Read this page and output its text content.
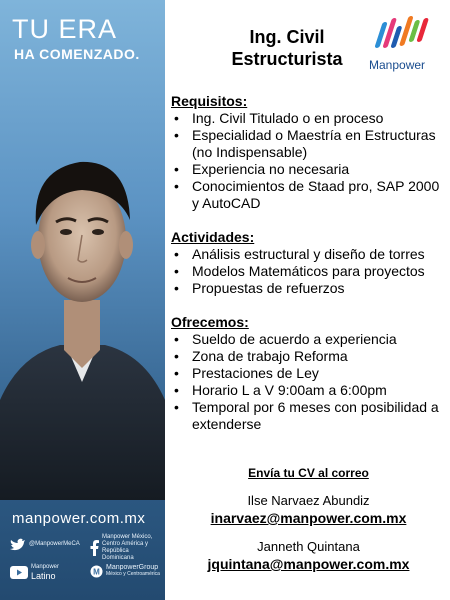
TU ERA
HA COMENZADO.
manpower.com.mx
@ManpowerMeCA
Manpower México, Centro América y República Dominicana
Manpower
Latino	M ManpowerGroup
México y Centroamérica
Ing. Civil
Estructurista	Manpower

Requisitos:

• Ing. Civil Titulado o en proceso
• Especialidad o Maestría en Estructuras (no Indispensable)
• Experiencia no necesaria
• Conocimientos de Staad pro, SAP 2000 y AutoCAD

Actividades:

• Análisis estructural y diseño de torres
• Modelos Matemáticos para proyectos
• Propuestas de refuerzos

Ofrecemos:

• Sueldo de acuerdo a experiencia
• Zona de trabajo Reforma
• Prestaciones de Ley
• Horario L a V 9:00am a 6:00pm
• Temporal por 6 meses con posibilidad a extenderse
Envía tu CV al correo
Ilse Narvaez Abundiz
inarvaez@manpower.com.mx
Janneth Quintana
jquintana@manpower.com.mx
